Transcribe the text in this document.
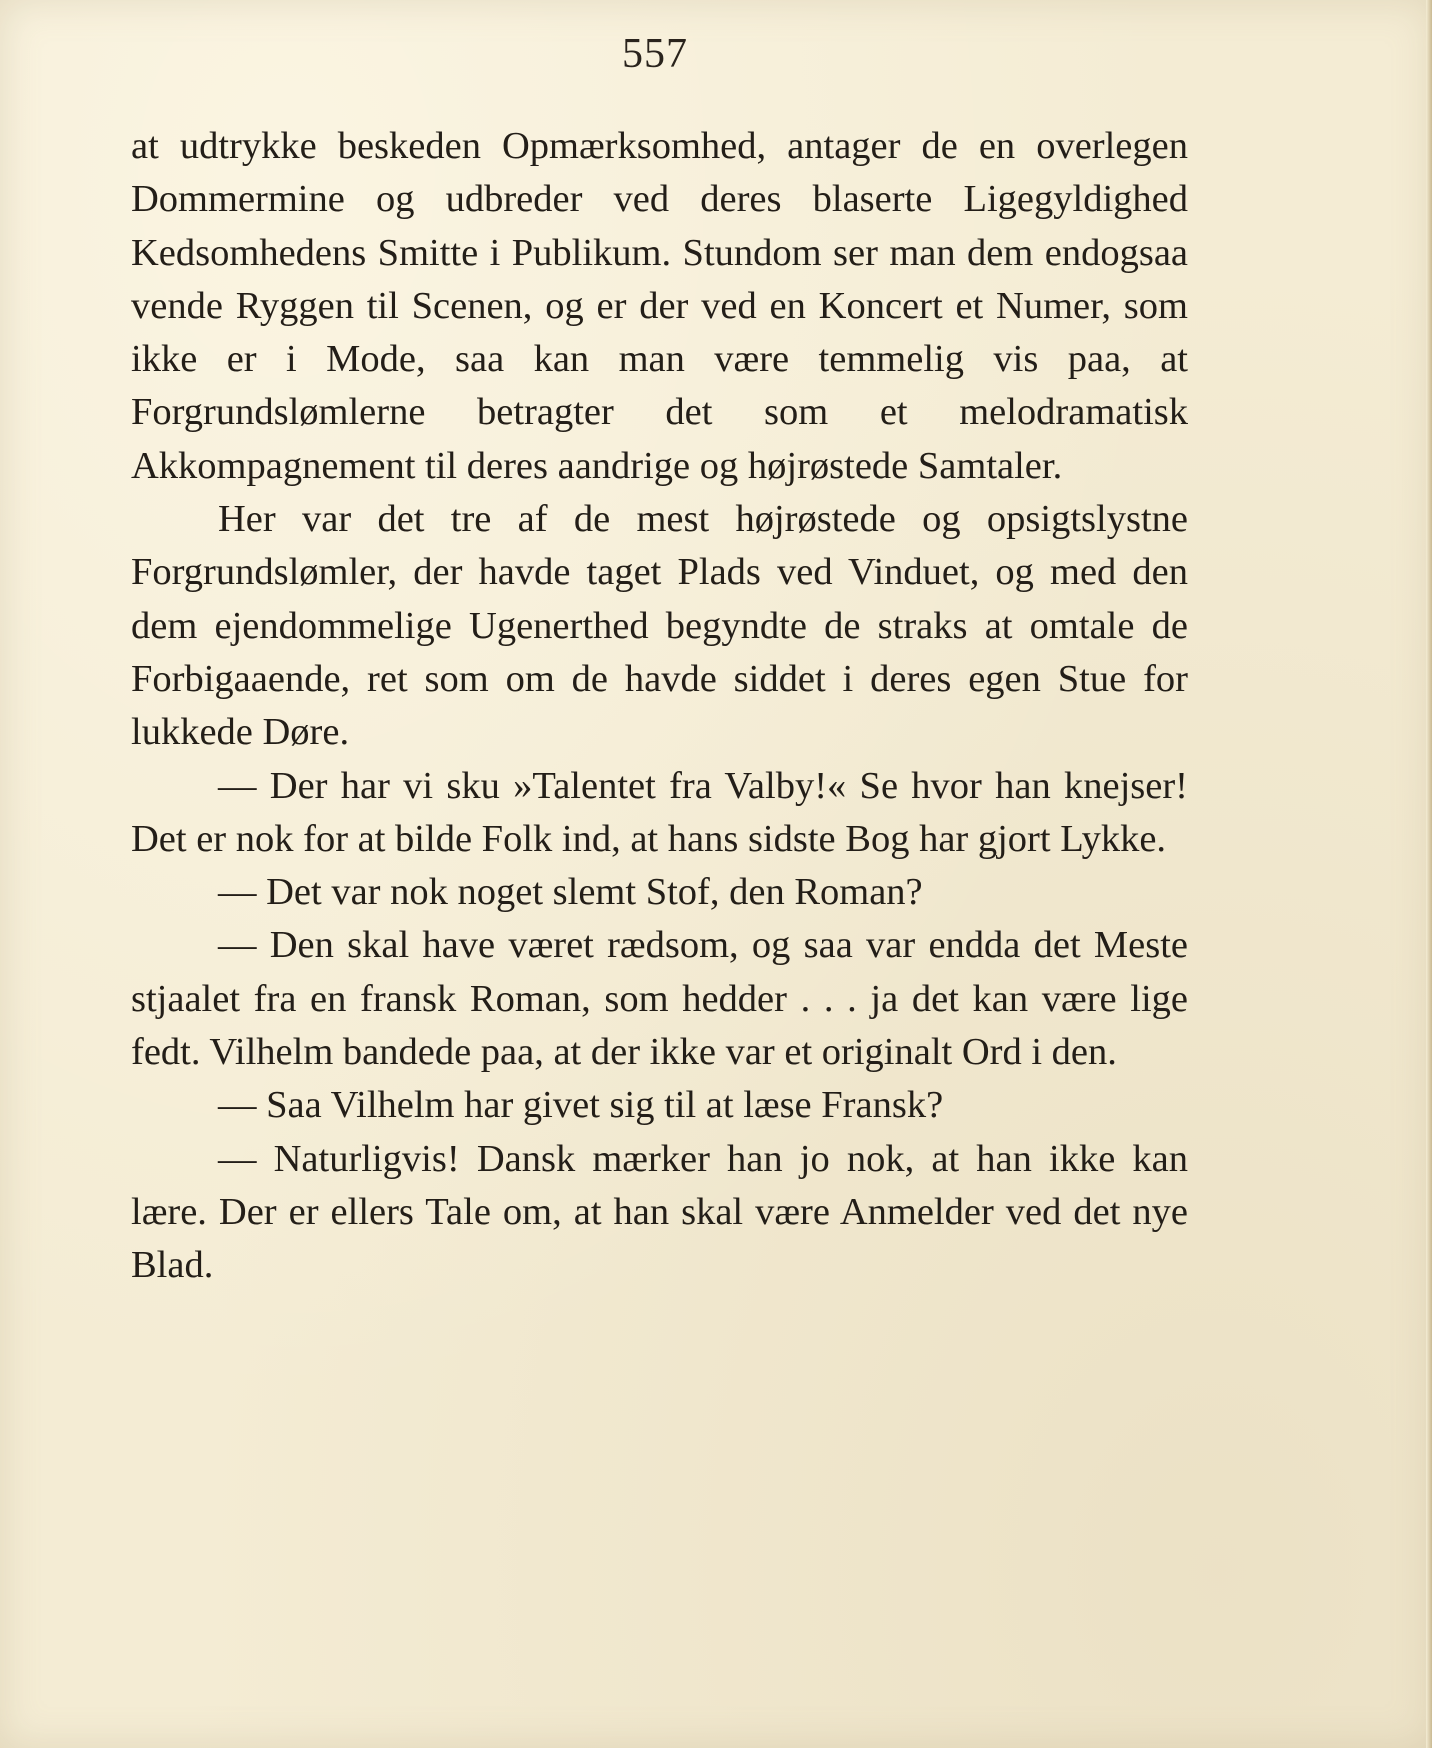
557

at udtrykke beskeden Opmærksomhed, antager de en overlegen Dommermine og udbreder ved deres blaserte Ligegyldighed Kedsomhedens Smitte i Publikum. Stundom ser man dem endogsaa vende Ryggen til Scenen, og er der ved en Koncert et Numer, som ikke er i Mode, saa kan man være temmelig vis paa, at Forgrundslømlerne betragter det som et melodramatisk Akkompagnement til deres aandrige og højrøstede Samtaler.

Her var det tre af de mest højrøstede og opsigtslystne Forgrundslømler, der havde taget Plads ved Vinduet, og med den dem ejendommelige Ugenerthed begyndte de straks at omtale de Forbigaaende, ret som om de havde siddet i deres egen Stue for lukkede Døre.

— Der har vi sku »Talentet fra Valby!« Se hvor han knejser! Det er nok for at bilde Folk ind, at hans sidste Bog har gjort Lykke.

— Det var nok noget slemt Stof, den Roman?

— Den skal have været rædsom, og saa var endda det Meste stjaalet fra en fransk Roman, som hedder . . . ja det kan være lige fedt. Vilhelm bandede paa, at der ikke var et originalt Ord i den.

— Saa Vilhelm har givet sig til at læse Fransk?

— Naturligvis! Dansk mærker han jo nok, at han ikke kan lære. Der er ellers Tale om, at han skal være Anmelder ved det nye Blad.
